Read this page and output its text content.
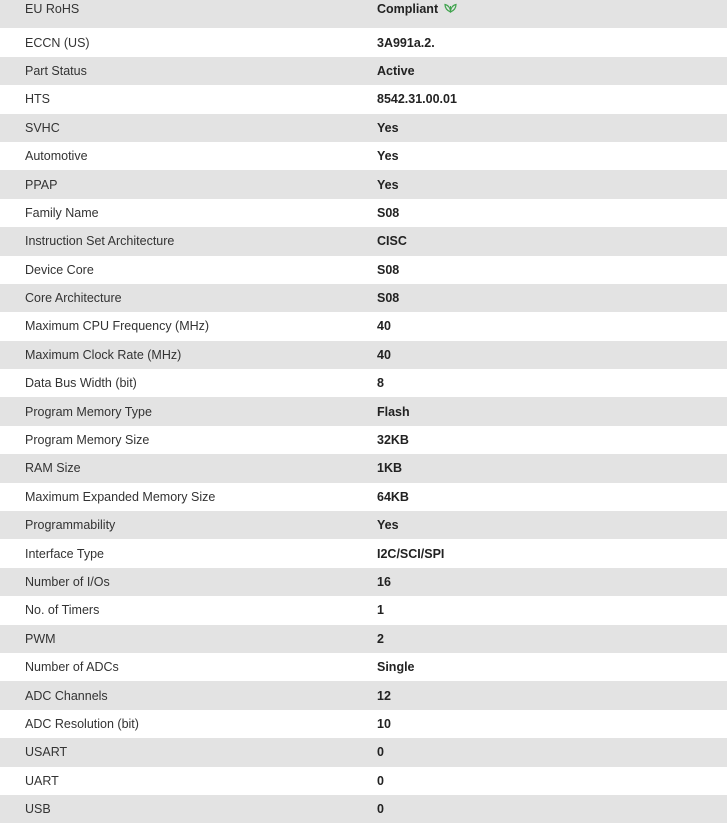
EU RoHS	Compliant
ECCN (US)	3A991a.2.
Part Status	Active
HTS	8542.31.00.01
SVHC	Yes
Automotive	Yes
PPAP	Yes
Family Name	S08
Instruction Set Architecture	CISC
Device Core	S08
Core Architecture	S08
Maximum CPU Frequency (MHz)	40
Maximum Clock Rate (MHz)	40
Data Bus Width (bit)	8
Program Memory Type	Flash
Program Memory Size	32KB
RAM Size	1KB
Maximum Expanded Memory Size	64KB
Programmability	Yes
Interface Type	I2C/SCI/SPI
Number of I/Os	16
No. of Timers	1
PWM	2
Number of ADCs	Single
ADC Channels	12
ADC Resolution (bit)	10
USART	0
UART	0
USB	0
